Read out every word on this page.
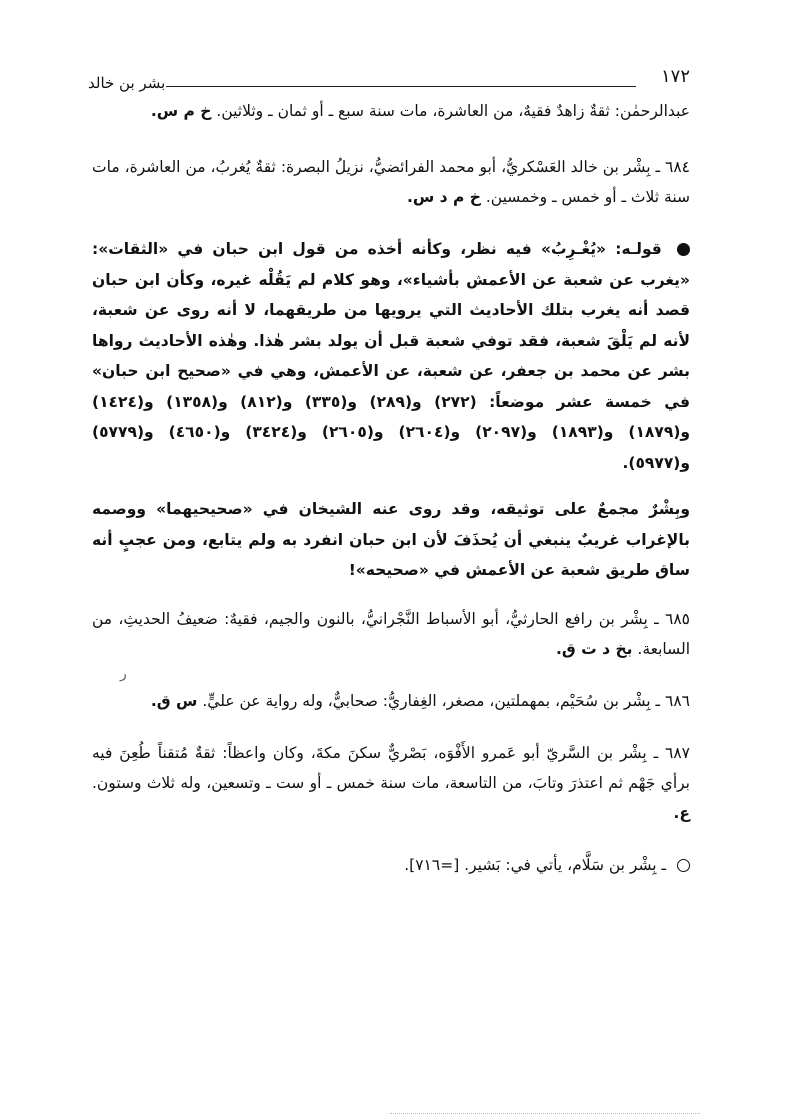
١٧٢
بشر بن خالد

عبدالرحمٰن: ثقةٌ زاهدٌ فقيهٌ، من العاشرة، مات سنة سبع ـ أو ثمان ـ وثلاثين. خ م س.

٦٨٤ ـ بِشْر بن خالد العَسْكريُّ، أبو محمد الفرائضيُّ، نزيلُ البصرة: ثقةٌ يُغربُ، من العاشرة، مات سنة ثلاث ـ أو خمس ـ وخمسين. خ م د س.

قولـه: «يُغْـرِبُ» فيه نظر، وكأنه أخذه من قول ابن حبان في «الثقات»: «يغرب عن شعبة عن الأعمش بأشياء»، وهو كلام لم يَقُلْه غيره، وكأن ابن حبان قصد أنه يغرب بتلك الأحاديث التي يرويها من طريقهما، لا أنه روى عن شعبة، لأنه لم يَلْقَ شعبة، فقد توفي شعبة قبل أن يولد بشر هٰذا. وهٰذه الأحاديث رواها بشر عن محمد بن جعفر، عن شعبة، عن الأعمش، وهي في «صحيح ابن حبان» في خمسة عشر موضعاً: (٢٧٢) و(٢٨٩) و(٣٣٥) و(٨١٢) و(١٣٥٨) و(١٤٢٤) و(١٨٧٩) و(١٨٩٣) و(٢٠٩٧) و(٢٦٠٤) و(٢٦٠٥) و(٣٤٢٤) و(٤٦٥٠) و(٥٧٧٩) و(٥٩٧٧).

وبِشْرٌ مجمعٌ على توثيقه، وقد روى عنه الشيخان في «صحيحيهما» ووصمه بالإغراب غريبٌ ينبغي أن يُحذَفَ لأن ابن حبان انفرد به ولم يتابع، ومن عجبٍ أنه ساق طريق شعبة عن الأعمش في «صحيحه»!

٦٨٥ ـ بِشْر بن رافع الحارثيُّ، أبو الأسباط النَّجْرانيُّ، بالنون والجيم، فقيهٌ: ضعيفُ الحديثِ، من السابعة. بخ د ت ق.

٦٨٦ ـ بِشْر بن سُحَيْم، بمهملتين، مصغر، الغِفاريُّ: صحابيٌّ، وله رواية عن عليٍّ. س ق.

٦٨٧ ـ بِشْر بن السَّريّ أبو عَمرو الأَفْوَه، بَصْريٌّ سكنَ مكةَ، وكان واعظاً: ثقةٌ مُتقناً طُعِنَ فيه برأي جَهْم ثم اعتذرَ وتابَ، من التاسعة، مات سنة خمس ـ أو ست ـ وتسعين، وله ثلاث وستون. ع.

ـ بِشْر بن سَلَّام، يأتي في: بَشير. [=٧١٦].

ر
